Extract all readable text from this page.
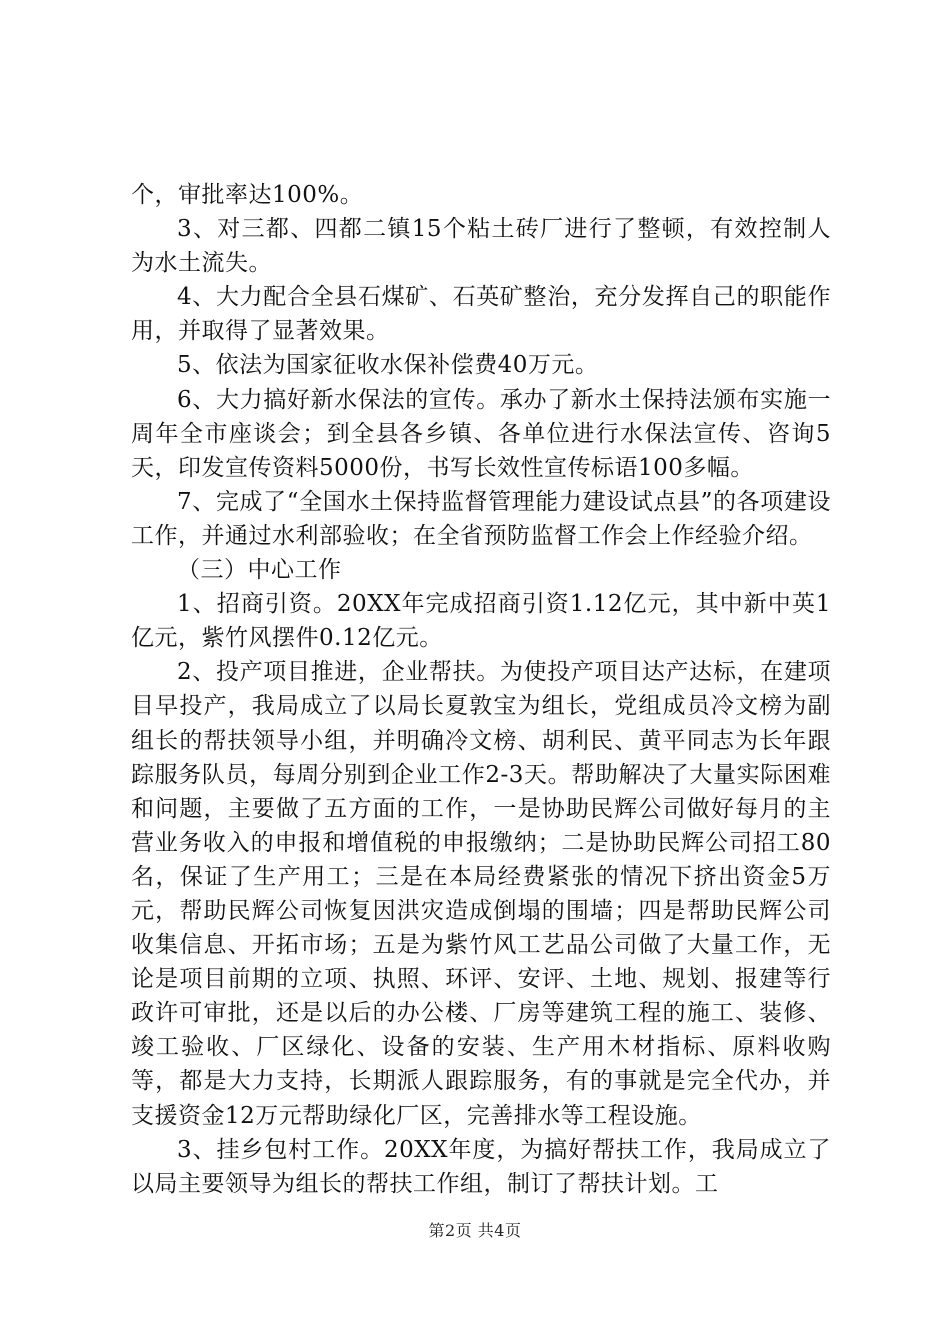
个，审批率达100%。

3、对三都、四都二镇15个粘土砖厂进行了整顿，有效控制人为水土流失。

4、大力配合全县石煤矿、石英矿整治，充分发挥自己的职能作用，并取得了显著效果。

5、依法为国家征收水保补偿费40万元。

6、大力搞好新水保法的宣传。承办了新水土保持法颁布实施一周年全市座谈会；到全县各乡镇、各单位进行水保法宣传、咨询5天，印发宣传资料5000份，书写长效性宣传标语100多幅。

7、完成了“全国水土保持监督管理能力建设试点县”的各项建设工作，并通过水利部验收；在全省预防监督工作会上作经验介绍。

（三）中心工作

1、招商引资。20XX年完成招商引资1.12亿元，其中新中英1亿元，紫竹风摆件0.12亿元。

2、投产项目推进，企业帮扶。为使投产项目达产达标，在建项目早投产，我局成立了以局长夏敦宝为组长，党组成员冷文榜为副组长的帮扶领导小组，并明确冷文榜、胡利民、黄平同志为长年跟踪服务队员，每周分别到企业工作2-3天。帮助解决了大量实际困难和问题，主要做了五方面的工作，一是协助民辉公司做好每月的主营业务收入的申报和增值税的申报缴纳；二是协助民辉公司招工80名，保证了生产用工；三是在本局经费紧张的情况下挤出资金5万元，帮助民辉公司恢复因洪灾造成倒塌的围墙；四是帮助民辉公司收集信息、开拓市场；五是为紫竹风工艺品公司做了大量工作，无论是项目前期的立项、执照、环评、安评、土地、规划、报建等行政许可审批，还是以后的办公楼、厂房等建筑工程的施工、装修、竣工验收、厂区绿化、设备的安装、生产用木材指标、原料收购等，都是大力支持，长期派人跟踪服务，有的事就是完全代办，并支援资金12万元帮助绿化厂区，完善排水等工程设施。

3、挂乡包村工作。20XX年度，为搞好帮扶工作，我局成立了以局主要领导为组长的帮扶工作组，制订了帮扶计划。工

第2页 共4页
